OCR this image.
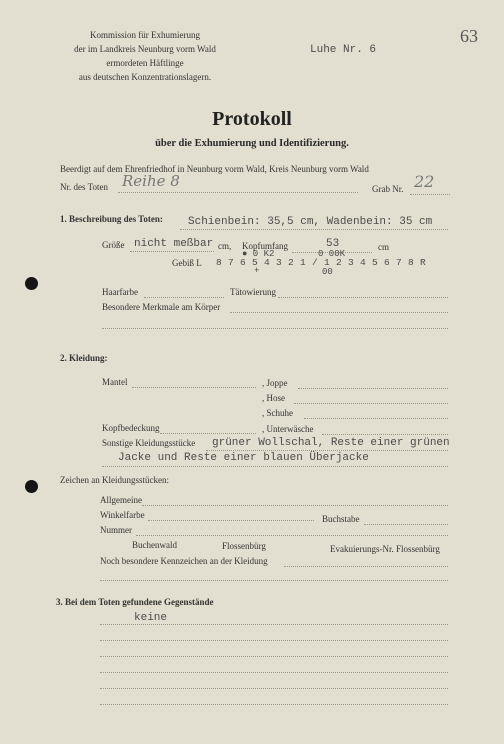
Kommission für Exhumierung
der im Landkreis Neunburg vorm Wald
ermordeten Häftlinge
aus deutschen Konzentrationslagern.
Luhe Nr. 6
63
Protokoll
über die Exhumierung und Identifizierung.
Beerdigt auf dem Ehrenfriedhof in Neunburg vorm Wald, Kreis Neunburg vorm Wald
Nr. des Toten Reihe 8	Grab Nr. 22
1. Beschreibung des Toten: Schienbein: 35,5 cm, Wadenbein: 35 cm
Größe nicht meßbar cm, Kopfumfang	53	cm
● 0 K2	0 00K
Gebiß L 8 7 6 5 4 3 2 1 / 1 2 3 4 5 6 7 8 R
+	00
Haarfarbe	Tätowierung
Besondere Merkmale am Körper
2. Kleidung:
Mantel	, Joppe
, Hose
, Schuhe
Kopfbedeckung	, Unterwäsche
Sonstige Kleidungsstücke grüner Wollschal, Reste einer grünen
Jacke und Reste einer blauen Überjacke
Zeichen an Kleidungsstücken:
Allgemeine
Winkelfarbe	Buchstabe
Nummer
Buchenwald	Flossenbürg	Evakuierungs-Nr. Flossenbürg
Noch besondere Kennzeichen an der Kleidung
3. Bei dem Toten gefundene Gegenstände
keine
